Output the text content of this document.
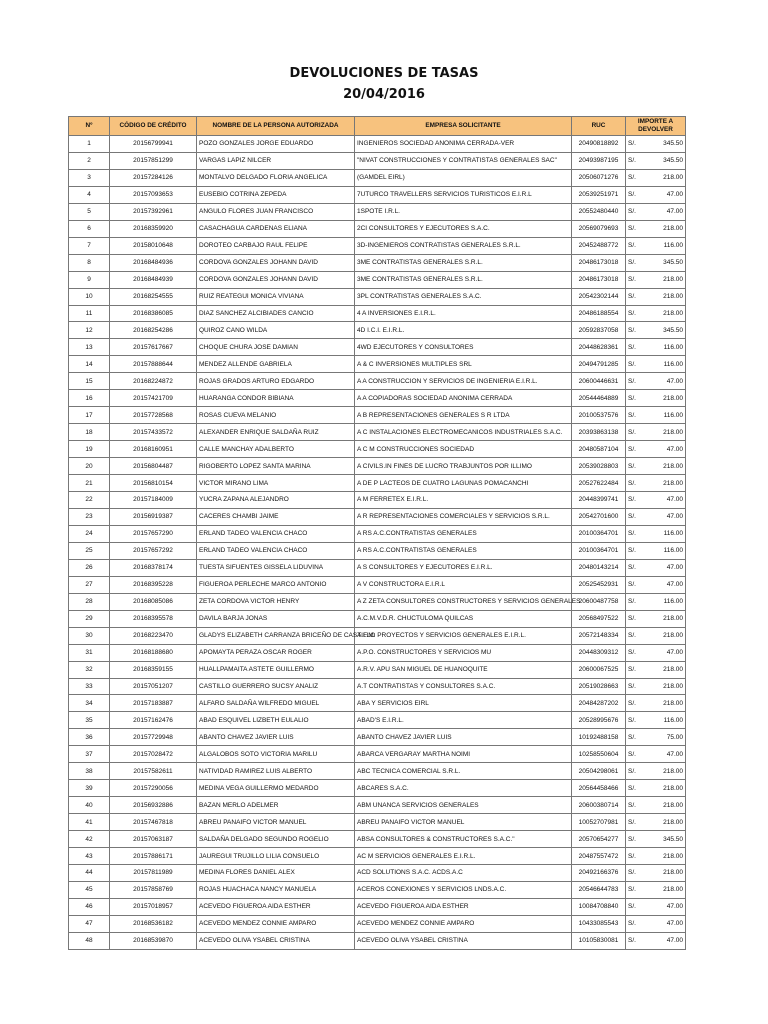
DEVOLUCIONES DE TASAS
20/04/2016
Nº	CÓDIGO DE CRÉDITO	NOMBRE DE LA PERSONA AUTORIZADA	EMPRESA SOLICITANTE	RUC	IMPORTE A DEVOLVER
1	20156799941	POZO GONZALES JORGE EDUARDO	INGENIEROS SOCIEDAD ANONIMA CERRADA-VER	20490818892	S/. 345.50

2	20157851299	VARGAS LAPIZ NILCER	"NIVAT CONSTRUCCIONES Y CONTRATISTAS GENERALES SAC"	20493987195	S/. 345.50

3	20157284126	MONTALVO DELGADO FLORIA ANGELICA	(GAMDEL EIRL)	20506071276	S/. 218.00

4	20157093653	EUSEBIO COTRINA ZEPEDA	7UTURCO TRAVELLERS SERVICIOS TURISTICOS E.I.R.L	20539251971	S/. 47.00

5	20157392961	ANGULO FLORES JUAN FRANCISCO	1SPOTE I.R.L.	20552480440	S/. 47.00

6	20168359920	CASACHAGUA CARDENAS ELIANA	2CI CONSULTORES Y EJECUTORES S.A.C.	20569079693	S/. 218.00

7	20158010648	DOROTEO CARBAJO RAUL FELIPE	3D-INGENIEROS CONTRATISTAS GENERALES S.R.L.	20452488772	S/. 116.00

8	20168484936	CORDOVA GONZALES JOHANN DAVID	3ME CONTRATISTAS GENERALES S.R.L.	20486173018	S/. 345.50

9	20168484939	CORDOVA GONZALES JOHANN DAVID	3ME CONTRATISTAS GENERALES S.R.L.	20486173018	S/. 218.00

10	20168254555	RUIZ REATEGUI MONICA VIVIANA	3PL CONTRATISTAS GENERALES S.A.C.	20542302144	S/. 218.00

11	20168386085	DIAZ SANCHEZ ALCIBIADES CANCIO	4 A INVERSIONES E.I.R.L.	20486188554	S/. 218.00

12	20168254286	QUIROZ CANO WILDA	4D I.C.I. E.I.R.L.	20592837058	S/. 345.50

13	20157617667	CHOQUE CHURA JOSE DAMIAN	4WD EJECUTORES Y CONSULTORES	20448628361	S/. 116.00

14	20157888644	MENDEZ ALLENDE GABRIELA	A & C INVERSIONES MULTIPLES SRL	20494791285	S/. 116.00

15	20168224872	ROJAS GRADOS ARTURO EDGARDO	A A CONSTRUCCION Y SERVICIOS DE INGENIERIA E.I.R.L.	20600446631	S/. 47.00

16	20157421709	HUARANGA CONDOR BIBIANA	A A COPIADORAS SOCIEDAD ANONIMA CERRADA	20544464889	S/. 218.00

17	20157728568	ROSAS CUEVA MELANIO	A B REPRESENTACIONES GENERALES S R LTDA	20100537576	S/. 116.00

18	20157433572	ALEXANDER ENRIQUE SALDAÑA RUIZ	A C INSTALACIONES ELECTROMECANICOS INDUSTRIALES S.A.C.	20393863138	S/. 218.00

19	20168160951	CALLE MANCHAY ADALBERTO	A C M CONSTRUCCIONES SOCIEDAD	20480587104	S/. 47.00

20	20156804487	RIGOBERTO LOPEZ SANTA MARINA	A CIVILS.IN FINES DE LUCRO TRABJUNTOS POR ILLIMO	20539028803	S/. 218.00

21	20156810154	VICTOR MIRANO LIMA	A DE P LACTEOS DE CUATRO LAGUNAS POMACANCHI	20527622484	S/. 218.00

22	20157184009	YUCRA ZAPANA ALEJANDRO	A M FERRETEX E.I.R.L.	20448399741	S/. 47.00

23	20156919387	CACERES CHAMBI JAIME	A R REPRESENTACIONES COMERCIALES Y SERVICIOS S.R.L.	20542701600	S/. 47.00

24	20157657290	ERLAND TADEO VALENCIA CHACO	A RS A.C.CONTRATISTAS GENERALES	20100364701	S/. 116.00

25	20157657292	ERLAND TADEO VALENCIA CHACO	A RS A.C.CONTRATISTAS GENERALES	20100364701	S/. 116.00

26	20168378174	TUESTA SIFUENTES GISSELA LIDUVINA	A S CONSULTORES Y EJECUTORES E.I.R.L.	20480143214	S/. 47.00

27	20168395228	FIGUEROA PERLECHE MARCO ANTONIO	A V CONSTRUCTORA E.I.R.L	20525452931	S/. 47.00

28	20168085086	ZETA CORDOVA VICTOR HENRY	A Z ZETA CONSULTORES CONSTRUCTORES Y SERVICIOS GENERALES	20600487758	S/. 116.00

29	20168395578	DAVILA BARJA JONAS	A.C.M.V.D.R. CHUCTULOMA QUILCAS	20568497522	S/. 218.00

30	20168223470	GLADYS ELIZABETH CARRANZA BRICEÑO DE CASTILLO	A.F.M. PROYECTOS Y SERVICIOS GENERALES E.I.R.L.	20572148334	S/. 218.00

31	20168188680	APOMAYTA PERAZA OSCAR ROGER	A.P.O. CONSTRUCTORES Y SERVICIOS MU	20448309312	S/. 47.00

32	20168359155	HUALLPAMAITA ASTETE GUILLERMO	A.R.V. APU SAN MIGUEL DE HUANOQUITE	20600067525	S/. 218.00

33	20157051207	CASTILLO GUERRERO SUCSY ANALIZ	A.T CONTRATISTAS Y CONSULTORES S.A.C.	20519028663	S/. 218.00

34	20157183887	ALFARO SALDAÑA WILFREDO MIGUEL	ABA Y SERVICIOS EIRL	20484287202	S/. 218.00

35	20157162476	ABAD ESQUIVEL LIZBETH EULALIO	ABAD'S E.I.R.L.	20528995676	S/. 116.00

36	20157729948	ABANTO CHAVEZ JAVIER LUIS	ABANTO CHAVEZ JAVIER LUIS	10192488158	S/. 75.00

37	20157028472	ALGALOBOS SOTO VICTORIA MARILU	ABARCA VERGARAY MARTHA NOIMI	10258550604	S/. 47.00

38	20157582611	NATIVIDAD RAMIREZ LUIS ALBERTO	ABC TECNICA COMERCIAL S.R.L.	20504298061	S/. 218.00

39	20157290056	MEDINA VEGA GUILLERMO MEDARDO	ABCARES S.A.C.	20564458466	S/. 218.00

40	20156932886	BAZAN MERLO ADELMER	ABM UNANCA SERVICIOS GENERALES	20600380714	S/. 218.00

41	20157467818	ABREU PANAIFO VICTOR MANUEL	ABREU PANAIFO VICTOR MANUEL	10052707981	S/. 218.00

42	20157063187	SALDAÑA DELGADO SEGUNDO ROGELIO	ABSA CONSULTORES & CONSTRUCTORES S.A.C."	20570654277	S/. 345.50

43	20157886171	JAUREGUI TRUJILLO LILIA CONSUELO	AC M SERVICIOS GENERALES E.I.R.L.	20487557472	S/. 218.00

44	20157811989	MEDINA FLORES DANIEL ALEX	ACD SOLUTIONS S.A.C. ACDS.A.C	20492166376	S/. 218.00

45	20157858769	ROJAS HUACHACA NANCY MANUELA	ACEROS CONEXIONES Y SERVICIOS LNDS.A.C.	20546644783	S/. 218.00

46	20157018957	ACEVEDO FIGUEROA AIDA ESTHER	ACEVEDO FIGUEROA AIDA ESTHER	10084708840	S/. 47.00

47	20168536182	ACEVEDO MENDEZ CONNIE AMPARO	ACEVEDO MENDEZ CONNIE AMPARO	10433085543	S/. 47.00

48	20168539870	ACEVEDO OLIVA YSABEL CRISTINA	ACEVEDO OLIVA YSABEL CRISTINA	10105830081	S/. 47.00
